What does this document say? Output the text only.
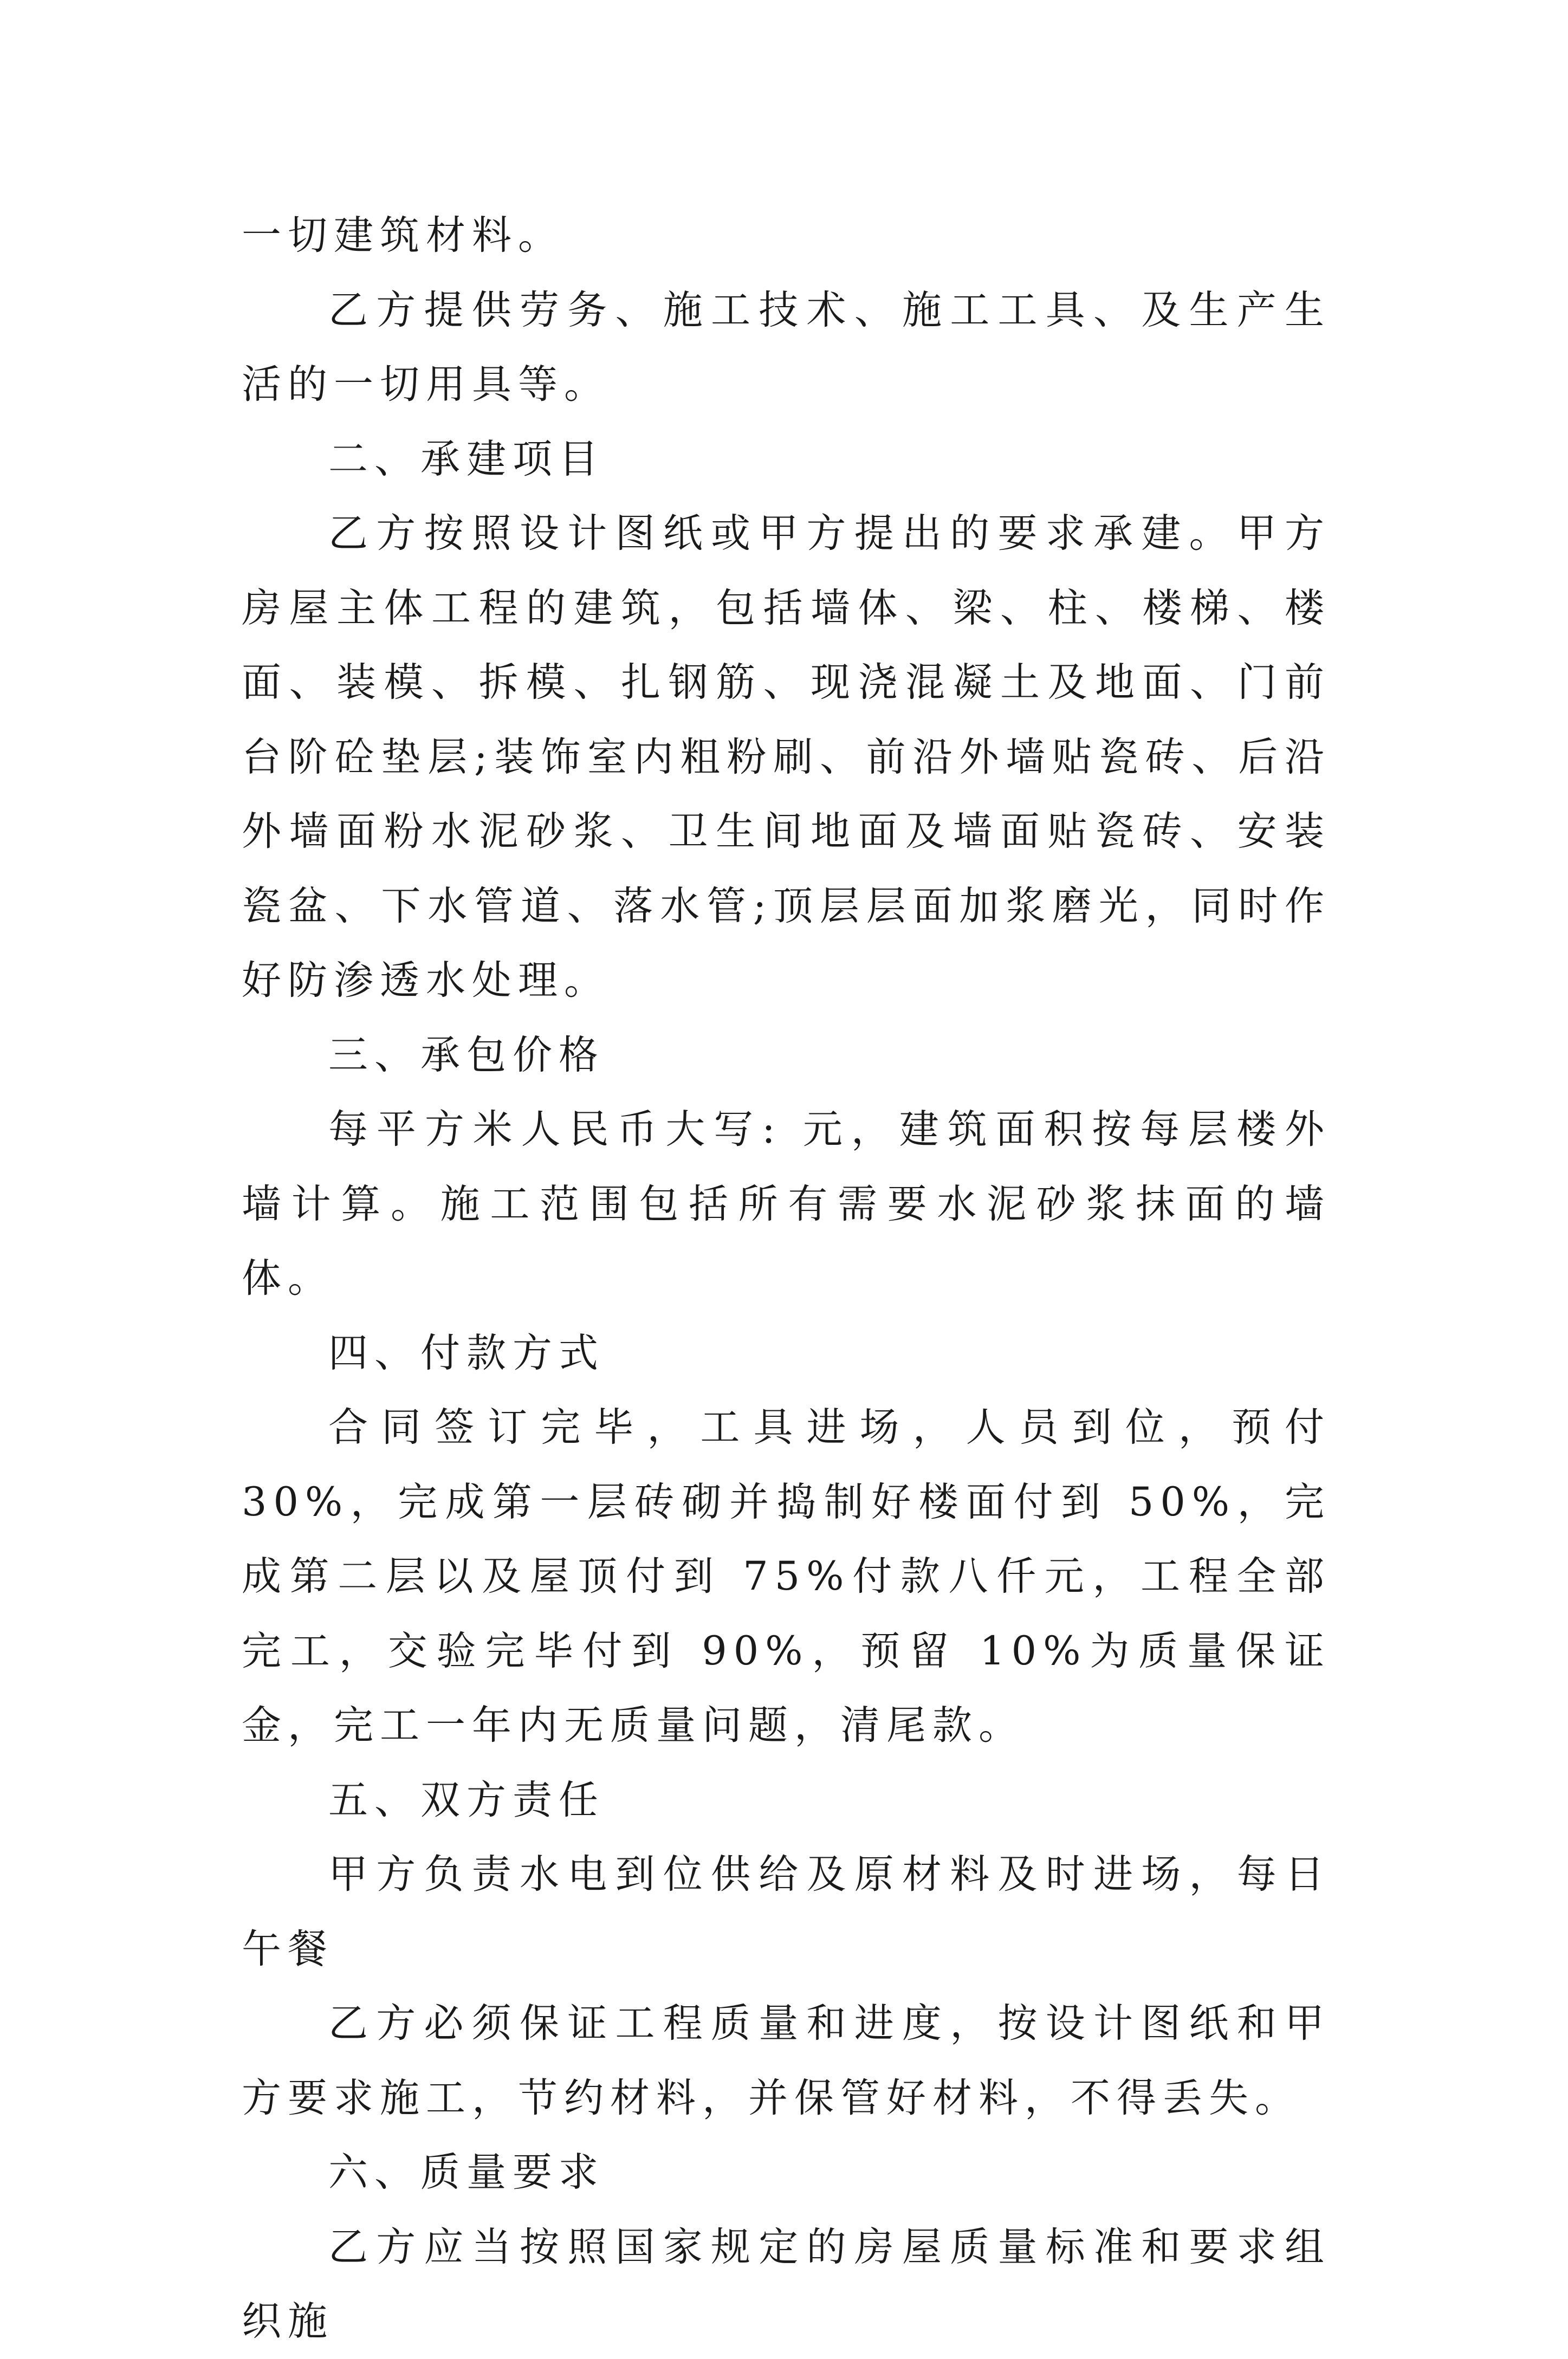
一切建筑材料。

乙方提供劳务、施工技术、施工工具、及生产生活的一切用具等。

二、承建项目

乙方按照设计图纸或甲方提出的要求承建。甲方房屋主体工程的建筑，包括墙体、梁、柱、楼梯、楼面、装模、拆模、扎钢筋、现浇混凝土及地面、门前台阶砼垫层;装饰室内粗粉刷、前沿外墙贴瓷砖、后沿外墙面粉水泥砂浆、卫生间地面及墙面贴瓷砖、安装瓷盆、下水管道、落水管;顶层层面加浆磨光，同时作好防渗透水处理。

三、承包价格

每平方米人民币大写: 元，建筑面积按每层楼外墙计算。施工范围包括所有需要水泥砂浆抹面的墙体。

四、付款方式

合同签订完毕，工具进场，人员到位，预付 30%，完成第一层砖砌并捣制好楼面付到 50%，完成第二层以及屋顶付到 75%付款八仟元，工程全部完工，交验完毕付到 90%，预留 10%为质量保证金，完工一年内无质量问题，清尾款。

五、双方责任

甲方负责水电到位供给及原材料及时进场，每日午餐

乙方必须保证工程质量和进度，按设计图纸和甲方要求施工，节约材料，并保管好材料，不得丢失。

六、质量要求

乙方应当按照国家规定的房屋质量标准和要求组织施
